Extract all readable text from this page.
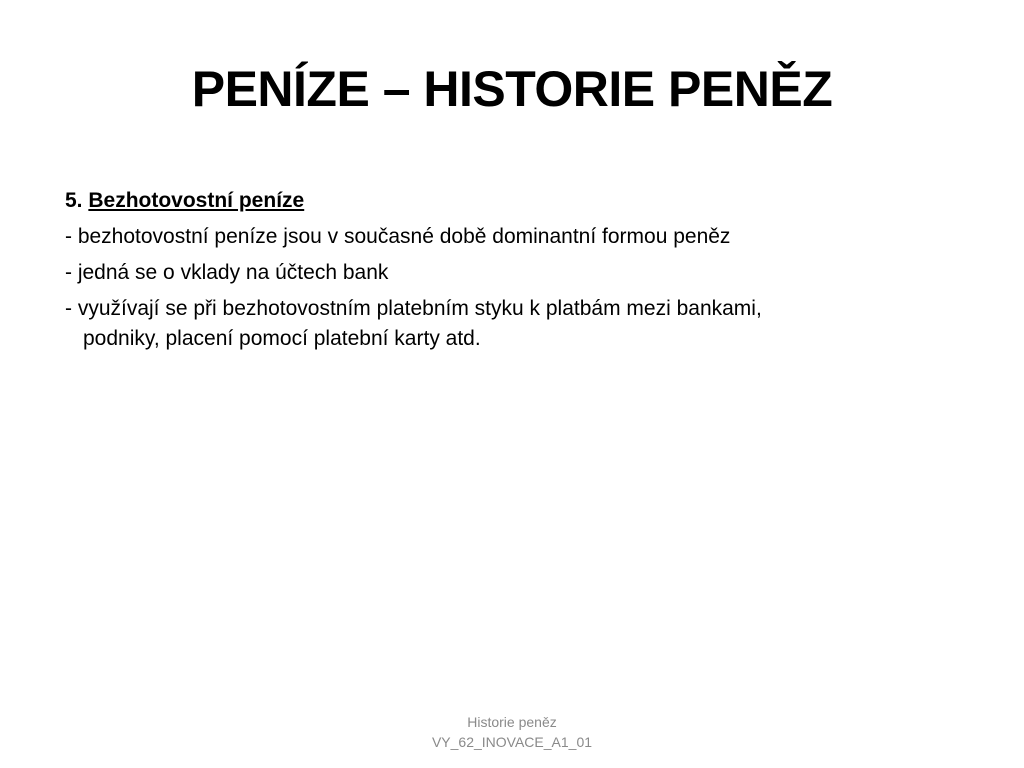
PENÍZE – HISTORIE PENĚZ

5. Bezhotovostní peníze

- bezhotovostní peníze jsou v současné době dominantní formou peněz

- jedná se o vklady na účtech bank

- využívají se při bezhotovostním platebním styku k platbám mezi bankami, podniky, placení pomocí platební karty atd.

Historie peněz
VY_62_INOVACE_A1_01
